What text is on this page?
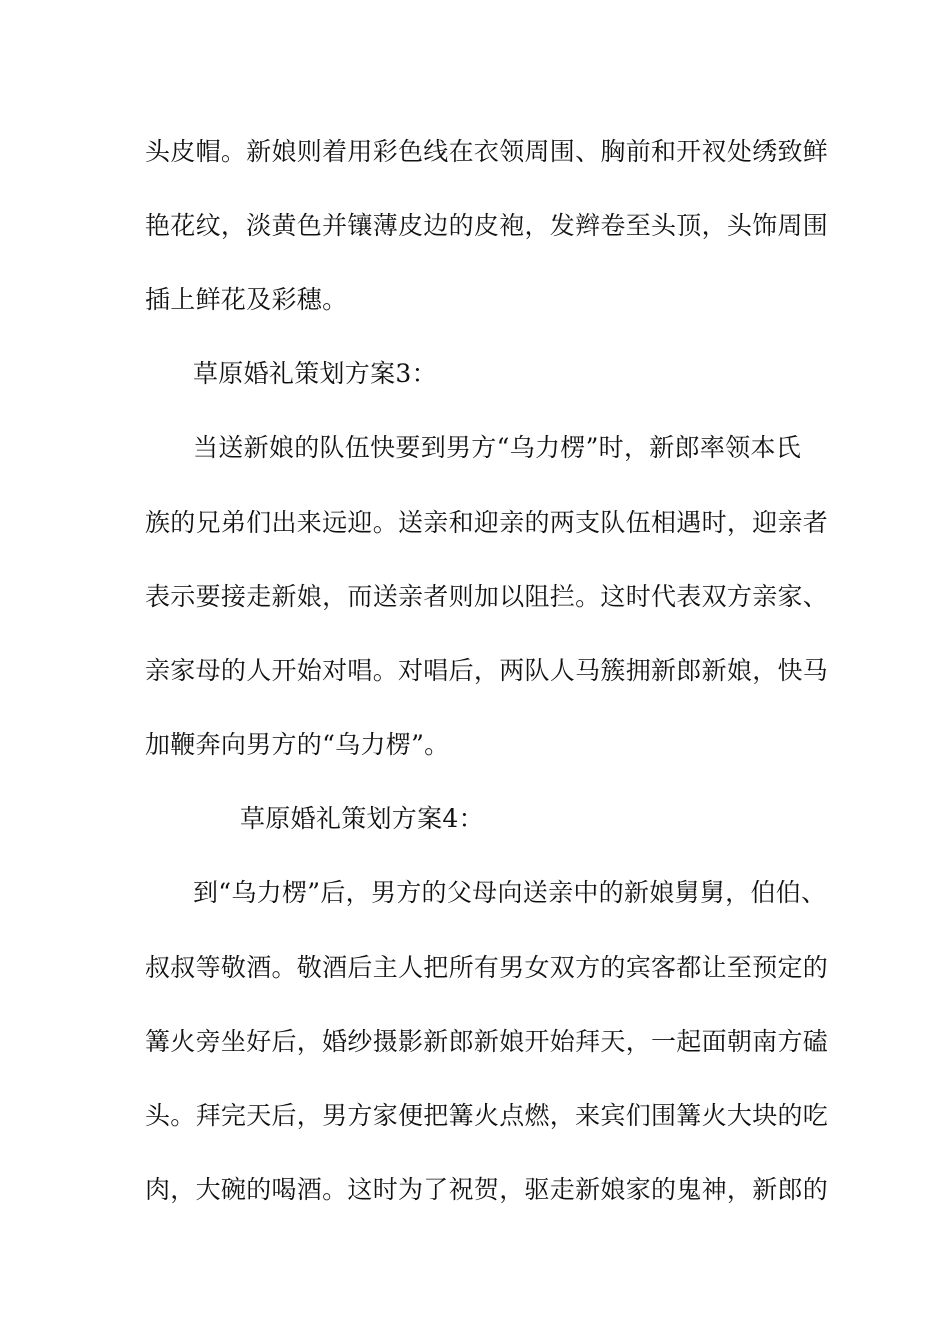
头皮帽。新娘则着用彩色线在衣领周围、胸前和开衩处绣致鲜
艳花纹，淡黄色并镶薄皮边的皮袍，发辫卷至头顶，头饰周围
插上鲜花及彩穗。
草原婚礼策划方案3：
当送新娘的队伍快要到男方“乌力楞”时，新郎率领本氏
族的兄弟们出来远迎。送亲和迎亲的两支队伍相遇时，迎亲者
表示要接走新娘，而送亲者则加以阻拦。这时代表双方亲家、
亲家母的人开始对唱。对唱后，两队人马簇拥新郎新娘，快马
加鞭奔向男方的“乌力楞”。
草原婚礼策划方案4：
到“乌力楞”后，男方的父母向送亲中的新娘舅舅，伯伯、
叔叔等敬酒。敬酒后主人把所有男女双方的宾客都让至预定的
篝火旁坐好后，婚纱摄影新郎新娘开始拜天，一起面朝南方磕
头。拜完天后，男方家便把篝火点燃，来宾们围篝火大块的吃
肉，大碗的喝酒。这时为了祝贺，驱走新娘家的鬼神，新郎的
